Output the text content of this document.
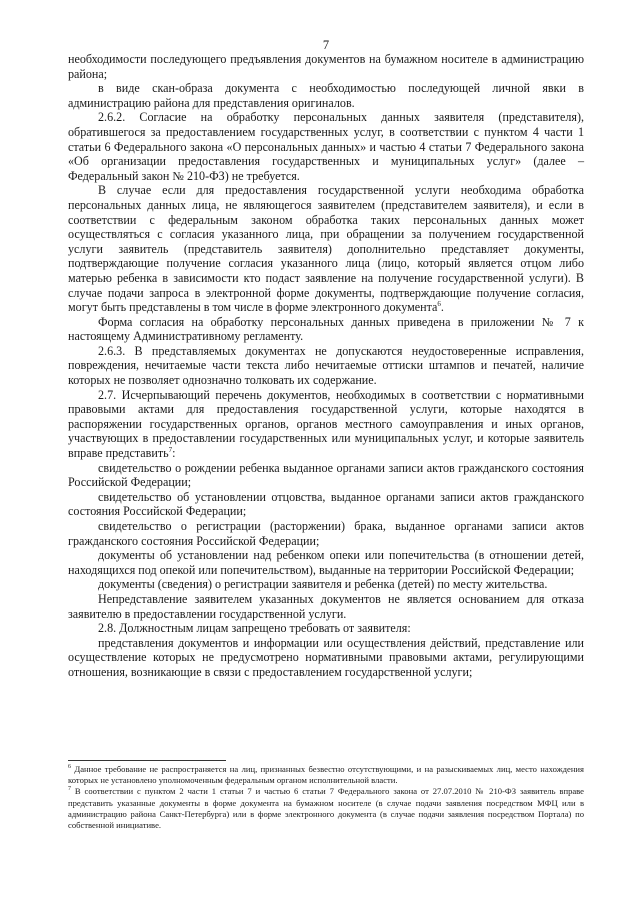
7

необходимости последующего предъявления документов на бумажном носителе в администрацию района;

в виде скан-образа документа с необходимостью последующей личной явки в администрацию района для представления оригиналов.

2.6.2. Согласие на обработку персональных данных заявителя (представителя), обратившегося за предоставлением государственных услуг, в соответствии с пунктом 4 части 1 статьи 6 Федерального закона «О персональных данных» и частью 4 статьи 7 Федерального закона «Об организации предоставления государственных и муниципальных услуг» (далее – Федеральный закон № 210-ФЗ) не требуется.

В случае если для предоставления государственной услуги необходима обработка персональных данных лица, не являющегося заявителем (представителем заявителя), и если в соответствии с федеральным законом обработка таких персональных данных может осуществляться с согласия указанного лица, при обращении за получением государственной услуги заявитель (представитель заявителя) дополнительно представляет документы, подтверждающие получение согласия указанного лица (лицо, который является отцом либо матерью ребенка в зависимости кто подаст заявление на получение государственной услуги). В случае подачи запроса в электронной форме документы, подтверждающие получение согласия, могут быть представлены в том числе в форме электронного документа$^6$.

Форма согласия на обработку персональных данных приведена в приложении № 7 к настоящему Административному регламенту.

2.6.3. В представляемых документах не допускаются неудостоверенные исправления, повреждения, нечитаемые части текста либо нечитаемые оттиски штампов и печатей, наличие которых не позволяет однозначно толковать их содержание.

2.7. Исчерпывающий перечень документов, необходимых в соответствии с нормативными правовыми актами для предоставления государственной услуги, которые находятся в распоряжении государственных органов, органов местного самоуправления и иных органов, участвующих в предоставлении государственных или муниципальных услуг, и которые заявитель вправе представить$^7$:

свидетельство о рождении ребенка выданное органами записи актов гражданского состояния Российской Федерации;

свидетельство об установлении отцовства, выданное органами записи актов гражданского состояния Российской Федерации;

свидетельство о регистрации (расторжении) брака, выданное органами записи актов гражданского состояния Российской Федерации;

документы об установлении над ребенком опеки или попечительства (в отношении детей, находящихся под опекой или попечительством), выданные на территории Российской Федерации;

документы (сведения) о регистрации заявителя и ребенка (детей) по месту жительства.

Непредставление заявителем указанных документов не является основанием для отказа заявителю в предоставлении государственной услуги.

2.8. Должностным лицам запрещено требовать от заявителя:

представления документов и информации или осуществления действий, представление или осуществление которых не предусмотрено нормативными правовыми актами, регулирующими отношения, возникающие в связи с предоставлением государственной услуги;

$^6$ Данное требование не распространяется на лиц, признанных безвестно отсутствующими, и на разыскиваемых лиц, место нахождения которых не установлено уполномоченным федеральным органом исполнительной власти.

$^7$ В соответствии с пунктом 2 части 1 статьи 7 и частью 6 статьи 7 Федерального закона от 27.07.2010 № 210-ФЗ заявитель вправе представить указанные документы в форме документа на бумажном носителе (в случае подачи заявления посредством МФЦ или в администрацию района Санкт-Петербурга) или в форме электронного документа (в случае подачи заявления посредством Портала) по собственной инициативе.
